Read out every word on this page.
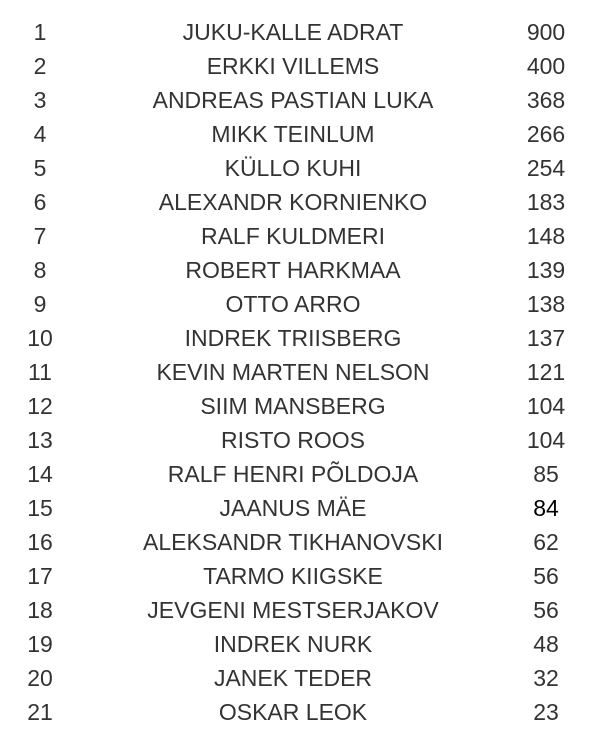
1	JUKU-KALLE ADRAT	900
2	ERKKI VILLEMS	400
3	ANDREAS PASTIAN LUKA	368
4	MIKK TEINLUM	266
5	KÜLLO KUHI	254
6	ALEXANDR KORNIENKO	183
7	RALF KULDMERI	148
8	ROBERT HARKMAA	139
9	OTTO ARRO	138
10	INDREK TRIISBERG	137
11	KEVIN MARTEN NELSON	121
12	SIIM MANSBERG	104
13	RISTO ROOS	104
14	RALF HENRI PÕLDOJA	85
15	JAANUS MÄE	84
16	ALEKSANDR TIKHANOVSKI	62
17	TARMO KIIGSKE	56
18	JEVGENI MESTSERJAKOV	56
19	INDREK NURK	48
20	JANEK TEDER	32
21	OSKAR LEOK	23
